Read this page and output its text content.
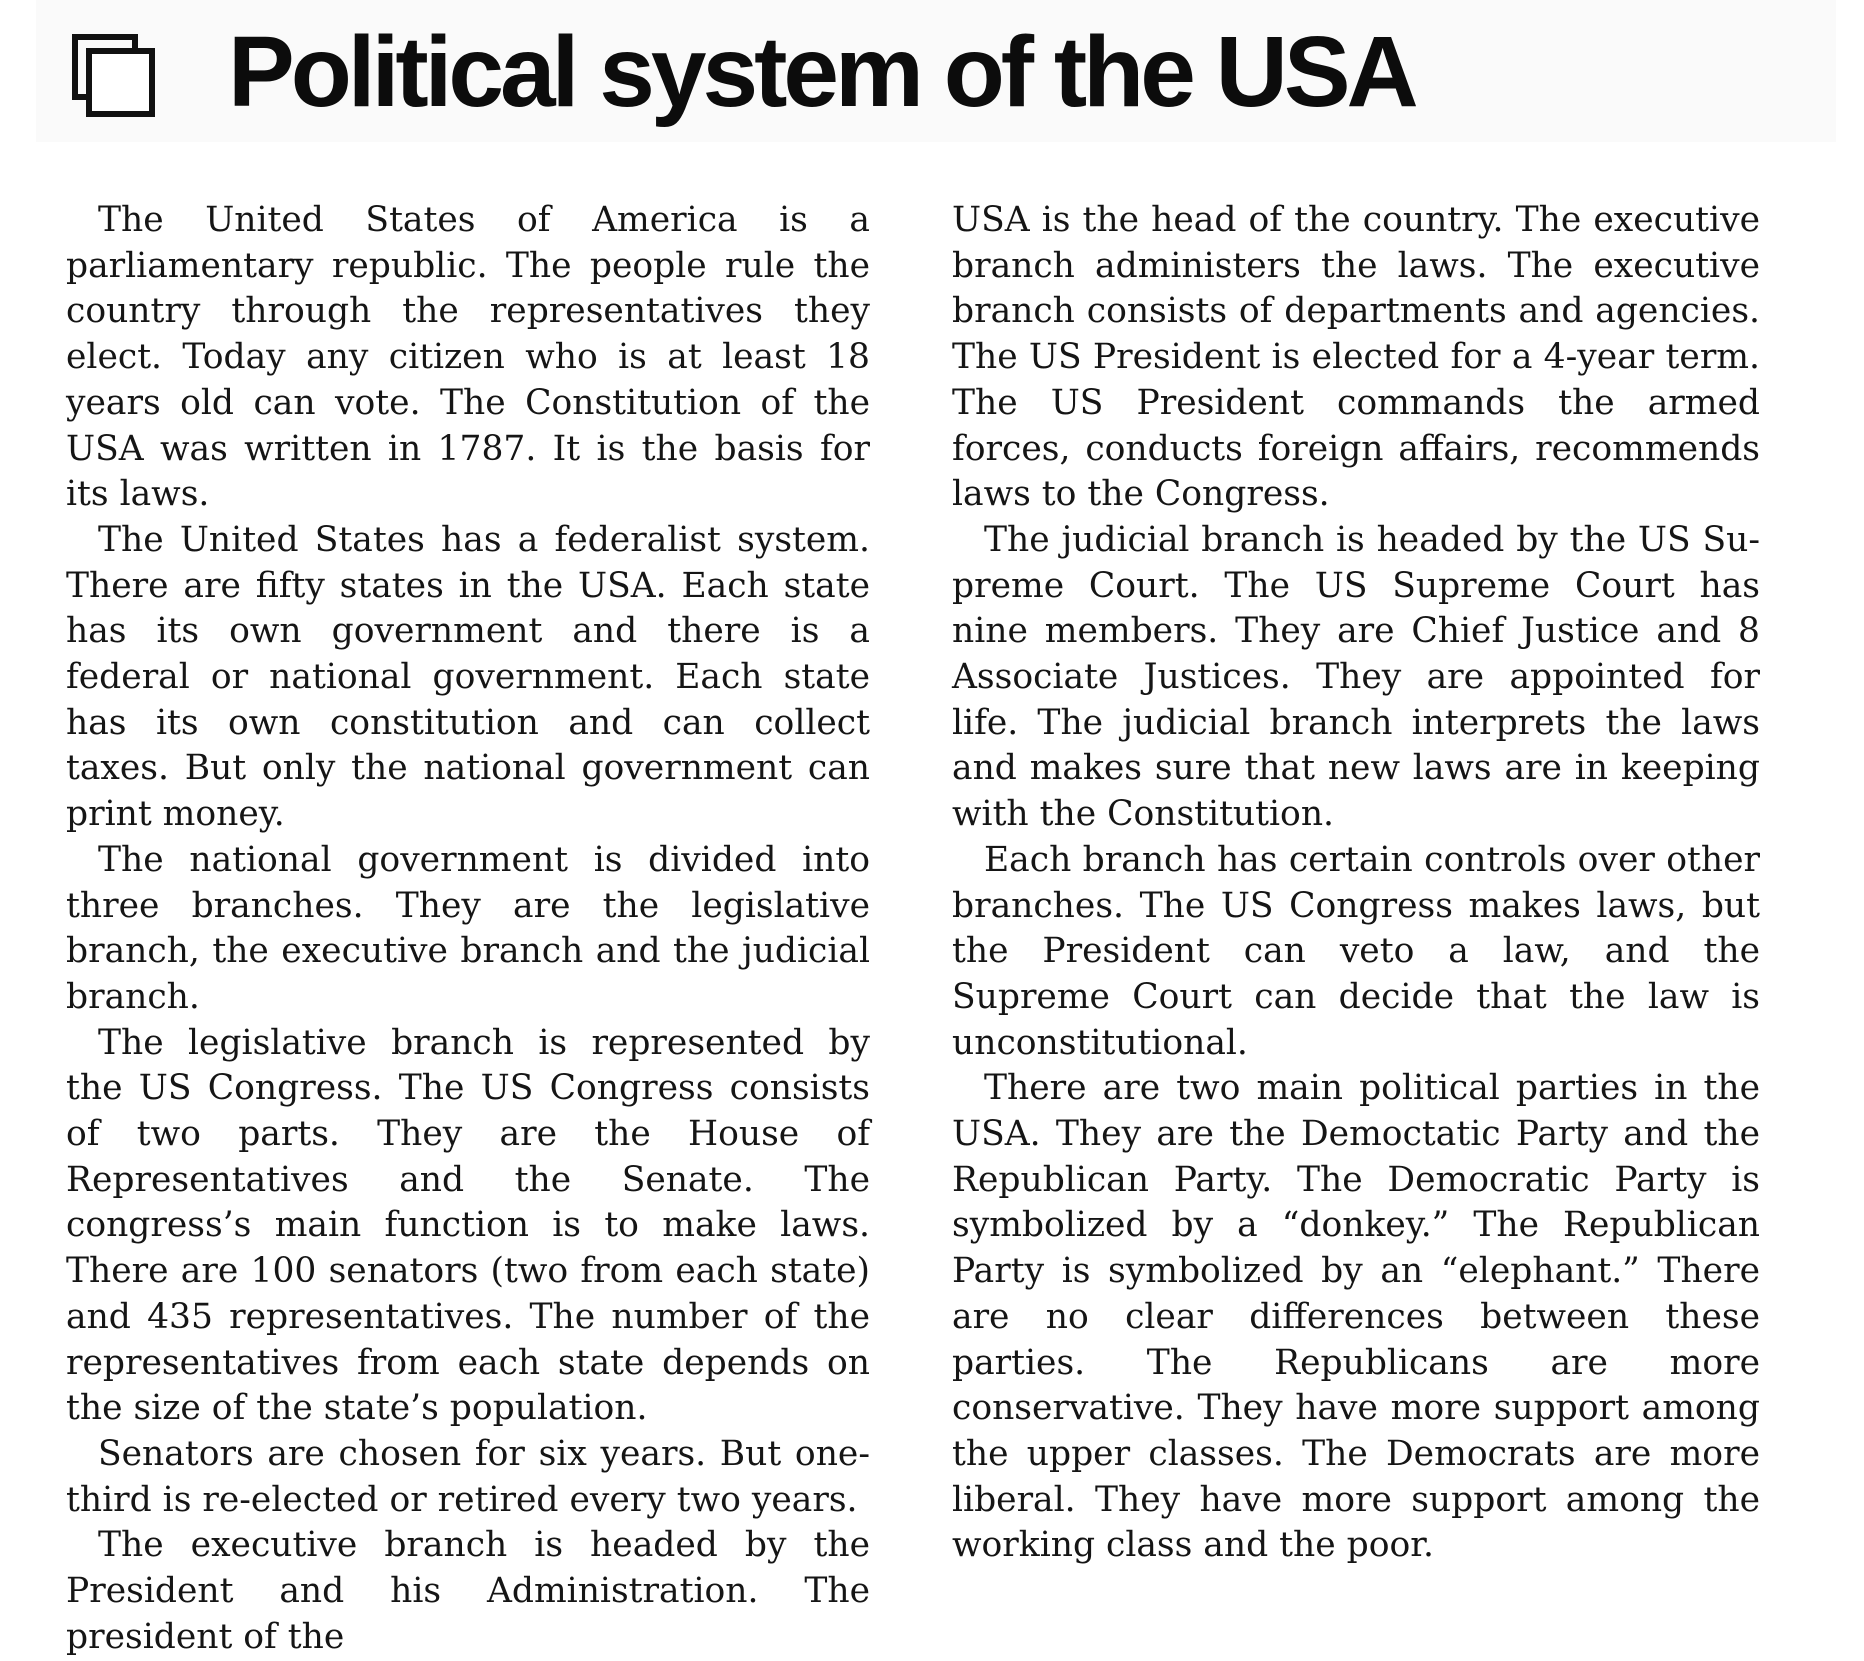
Political system of the USA

The United States of America is a parliamentary republic. The people rule the country through the representatives they elect. Today any citizen who is at least 18 years old can vote. The Constitution of the USA was written in 1787. It is the basis for its laws.

The United States has a federalist system. There are fifty states in the USA. Each state has its own government and there is a federal or national government. Each state has its own constitution and can collect taxes. But only the national government can print money.

The national government is divided into three branches. They are the legislative branch, the executive branch and the judicial branch.

The legislative branch is represented by the US Congress. The US Congress consists of two parts. They are the House of Representatives and the Senate. The congress’s main function is to make laws. There are 100 senators (two from each state) and 435 representatives. The number of the representatives from each state depends on the size of the state’s population.

Senators are chosen for six years. But one-third is re-elected or retired every two years.

The executive branch is headed by the President and his Administration. The president of the

USA is the head of the country. The executive branch administers the laws. The executive branch consists of departments and agencies. The US President is elected for a 4-year term. The US President commands the armed forces, conducts foreign affairs, recommends laws to the Congress.

The judicial branch is headed by the US Supreme Court. The US Supreme Court has nine members. They are Chief Justice and 8 Associate Justices. They are appointed for life. The judicial branch interprets the laws and makes sure that new laws are in keeping with the Constitution.

Each branch has certain controls over other branches. The US Congress makes laws, but the President can veto a law, and the Supreme Court can decide that the law is unconstitutional.

There are two main political parties in the USA. They are the Democtatic Party and the Republican Party. The Democratic Party is symbolized by a “donkey.” The Republican Party is symbolized by an “elephant.” There are no clear differences between these parties. The Republicans are more conservative. They have more support among the upper classes. The Democrats are more liberal. They have more support among the working class and the poor.
